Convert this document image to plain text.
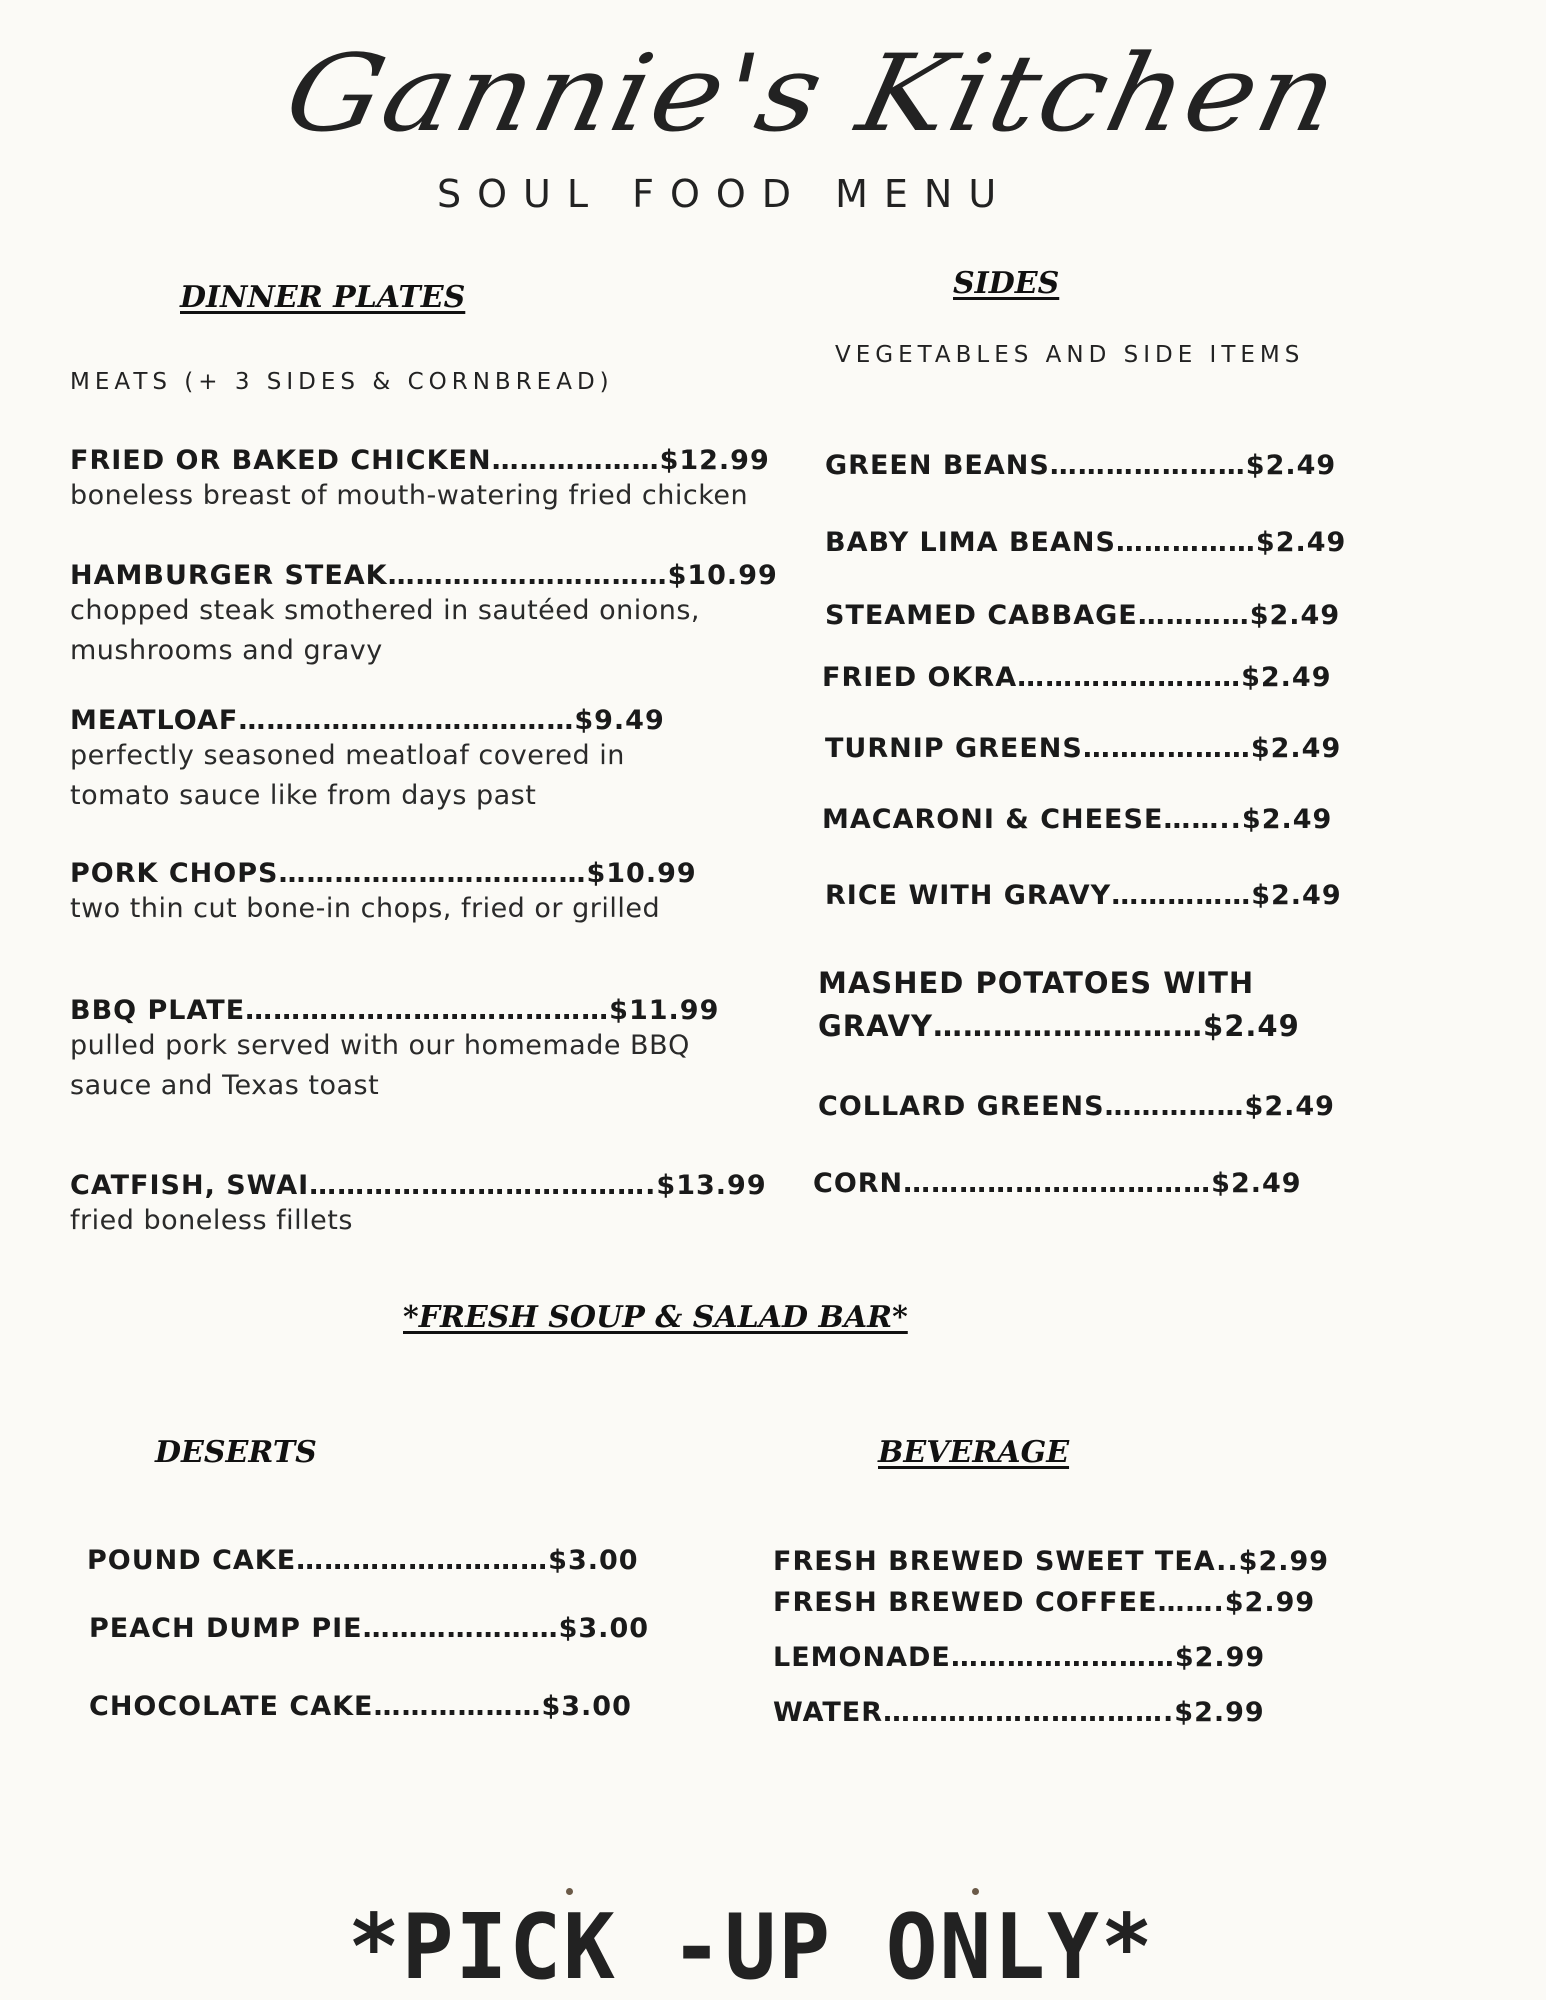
Gannie's Kitchen
SOUL FOOD MENU
DINNER PLATES
MEATS (+ 3 SIDES & CORNBREAD)
FRIED OR BAKED CHICKEN………………$12.99
boneless breast of mouth-watering fried chicken
HAMBURGER STEAK…………………………$10.99
chopped steak smothered in sautéed onions, mushrooms and gravy
MEATLOAF………………………………$9.49
perfectly seasoned meatloaf covered in tomato sauce like from days past
PORK CHOPS……………………………$10.99
two thin cut bone-in chops, fried or grilled
BBQ PLATE…………………………………$11.99
pulled pork served with our homemade BBQ sauce and Texas toast
CATFISH, SWAI……………………………….$13.99
fried boneless fillets
SIDES
VEGETABLES AND SIDE ITEMS
GREEN BEANS…………………$2.49
BABY LIMA BEANS……………$2.49
STEAMED CABBAGE…………$2.49
FRIED OKRA……………………$2.49
TURNIP GREENS………………$2.49
MACARONI & CHEESE……..$2.49
RICE WITH GRAVY……………$2.49
MASHED POTATOES WITH
GRAVY………………………$2.49
COLLARD GREENS……………$2.49
CORN……………………………$2.49
*FRESH SOUP & SALAD BAR*
DESERTS
POUND CAKE………………………$3.00
PEACH DUMP PIE…………………$3.00
CHOCOLATE CAKE………………$3.00
BEVERAGE
FRESH BREWED SWEET TEA..$2.99
FRESH BREWED COFFEE…….$2.99
LEMONADE……………………$2.99
WATER………………………….$2.99
*PICK -UP ONLY*
